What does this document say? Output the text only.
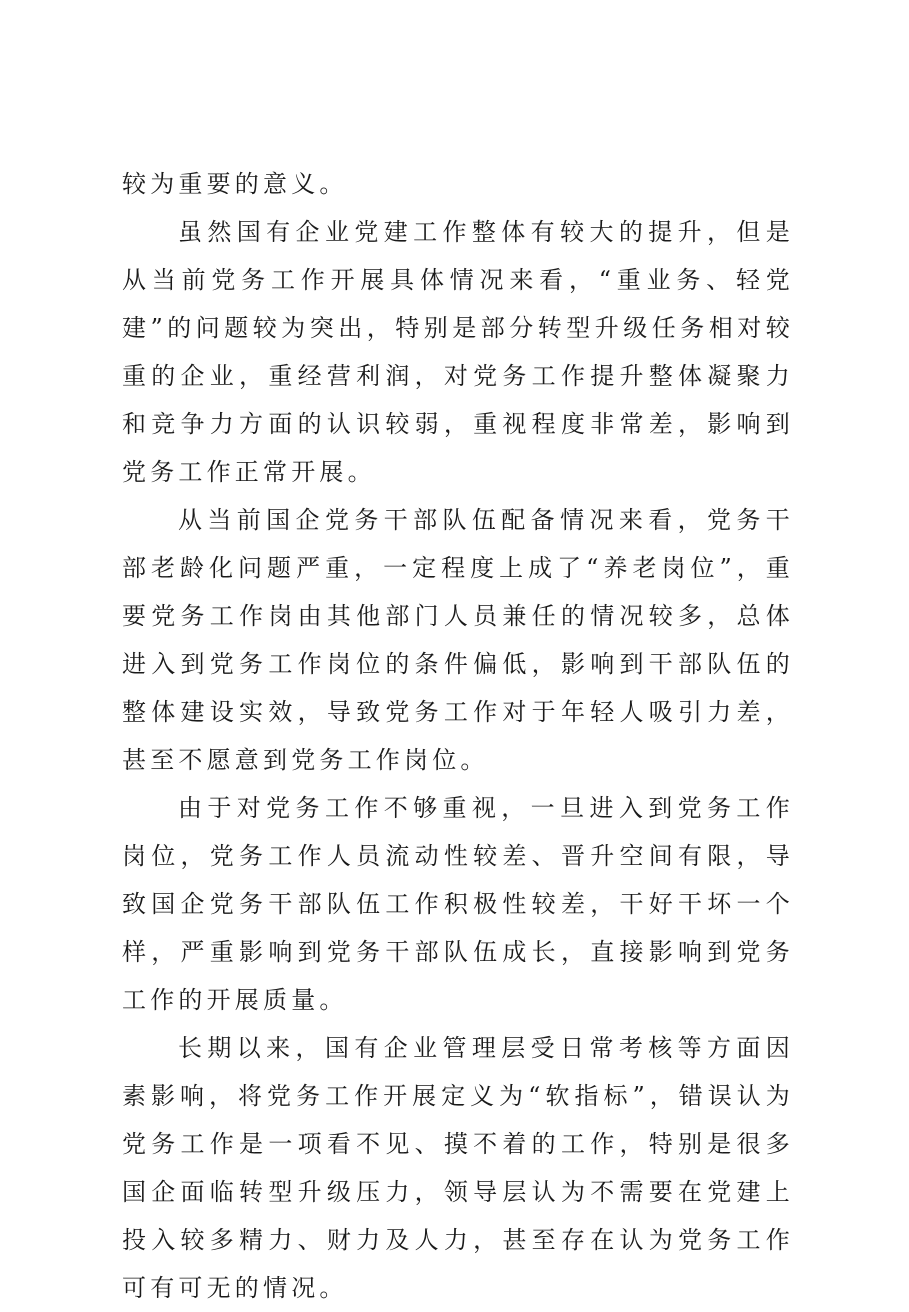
较为重要的意义。

虽然国有企业党建工作整体有较大的提升，但是从当前党务工作开展具体情况来看，“重业务、轻党建”的问题较为突出，特别是部分转型升级任务相对较重的企业，重经营利润，对党务工作提升整体凝聚力和竞争力方面的认识较弱，重视程度非常差，影响到党务工作正常开展。

从当前国企党务干部队伍配备情况来看，党务干部老龄化问题严重，一定程度上成了“养老岗位”，重要党务工作岗由其他部门人员兼任的情况较多，总体进入到党务工作岗位的条件偏低，影响到干部队伍的整体建设实效，导致党务工作对于年轻人吸引力差，甚至不愿意到党务工作岗位。

由于对党务工作不够重视，一旦进入到党务工作岗位，党务工作人员流动性较差、晋升空间有限，导致国企党务干部队伍工作积极性较差，干好干坏一个样，严重影响到党务干部队伍成长，直接影响到党务工作的开展质量。

长期以来，国有企业管理层受日常考核等方面因素影响，将党务工作开展定义为“软指标”，错误认为党务工作是一项看不见、摸不着的工作，特别是很多国企面临转型升级压力，领导层认为不需要在党建上投入较多精力、财力及人力，甚至存在认为党务工作可有可无的情况。
